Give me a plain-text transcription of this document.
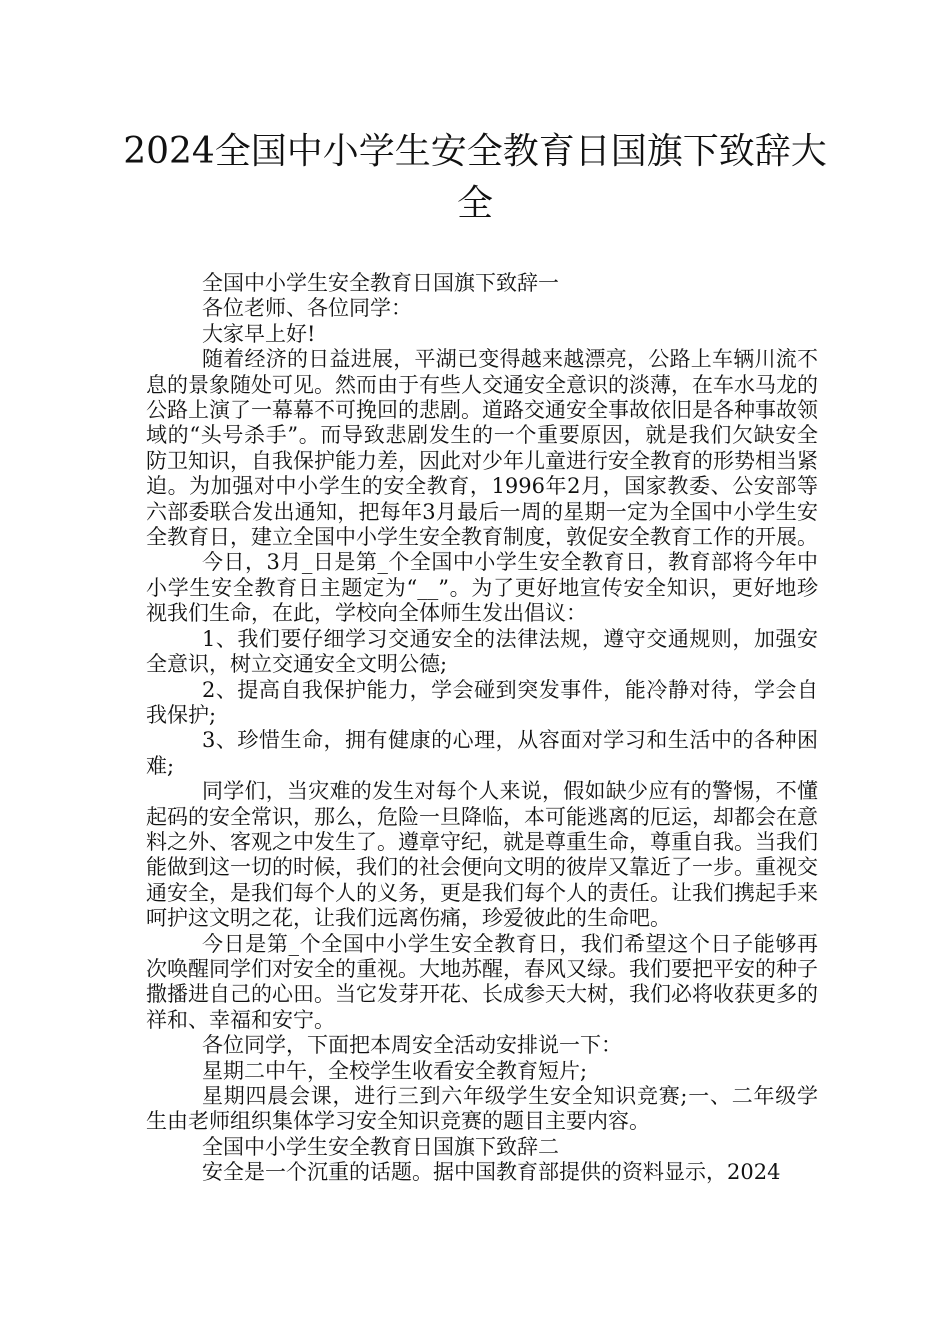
2024全国中小学生安全教育日国旗下致辞大全

全国中小学生安全教育日国旗下致辞一

各位老师、各位同学：

大家早上好!

随着经济的日益进展，平湖已变得越来越漂亮，公路上车辆川流不息的景象随处可见。然而由于有些人交通安全意识的淡薄，在车水马龙的公路上演了一幕幕不可挽回的悲剧。道路交通安全事故依旧是各种事故领域的“头号杀手”。而导致悲剧发生的一个重要原因，就是我们欠缺安全防卫知识，自我保护能力差，因此对少年儿童进行安全教育的形势相当紧迫。为加强对中小学生的安全教育，1996年2月，国家教委、公安部等六部委联合发出通知，把每年3月最后一周的星期一定为全国中小学生安全教育日，建立全国中小学生安全教育制度，敦促安全教育工作的开展。

今日，3月_日是第_个全国中小学生安全教育日，教育部将今年中小学生安全教育日主题定为“__”。为了更好地宣传安全知识，更好地珍视我们生命，在此，学校向全体师生发出倡议：

1、我们要仔细学习交通安全的法律法规，遵守交通规则，加强安全意识，树立交通安全文明公德;

2、提高自我保护能力，学会碰到突发事件，能冷静对待，学会自我保护;

3、珍惜生命，拥有健康的心理，从容面对学习和生活中的各种困难;

同学们，当灾难的发生对每个人来说，假如缺少应有的警惕，不懂起码的安全常识，那么，危险一旦降临，本可能逃离的厄运，却都会在意料之外、客观之中发生了。遵章守纪，就是尊重生命，尊重自我。当我们能做到这一切的时候，我们的社会便向文明的彼岸又靠近了一步。重视交通安全，是我们每个人的义务，更是我们每个人的责任。让我们携起手来呵护这文明之花，让我们远离伤痛，珍爱彼此的生命吧。

今日是第_个全国中小学生安全教育日，我们希望这个日子能够再次唤醒同学们对安全的重视。大地苏醒，春风又绿。我们要把平安的种子撒播进自己的心田。当它发芽开花、长成参天大树，我们必将收获更多的祥和、幸福和安宁。

各位同学，下面把本周安全活动安排说一下：

星期二中午，全校学生收看安全教育短片;

星期四晨会课，进行三到六年级学生安全知识竞赛;一、二年级学生由老师组织集体学习安全知识竞赛的题目主要内容。

全国中小学生安全教育日国旗下致辞二

安全是一个沉重的话题。据中国教育部提供的资料显示，2024
